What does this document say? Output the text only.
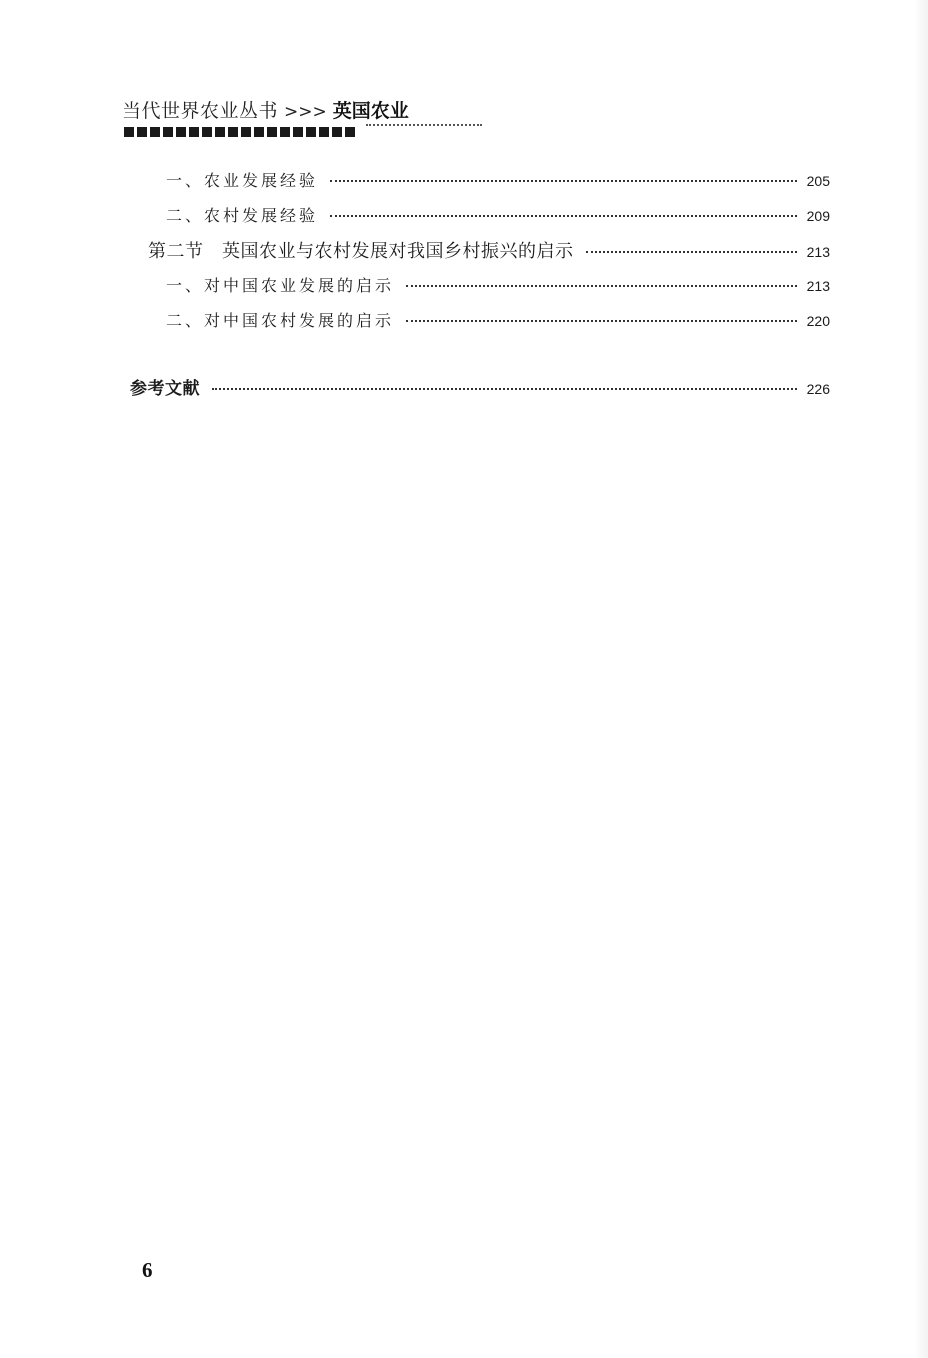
当代世界农业丛书 >>> 英国农业
一、农业发展经验	205
二、农村发展经验	209
第二节　英国农业与农村发展对我国乡村振兴的启示	213
一、对中国农业发展的启示	213
二、对中国农村发展的启示	220
参考文献	226
6
